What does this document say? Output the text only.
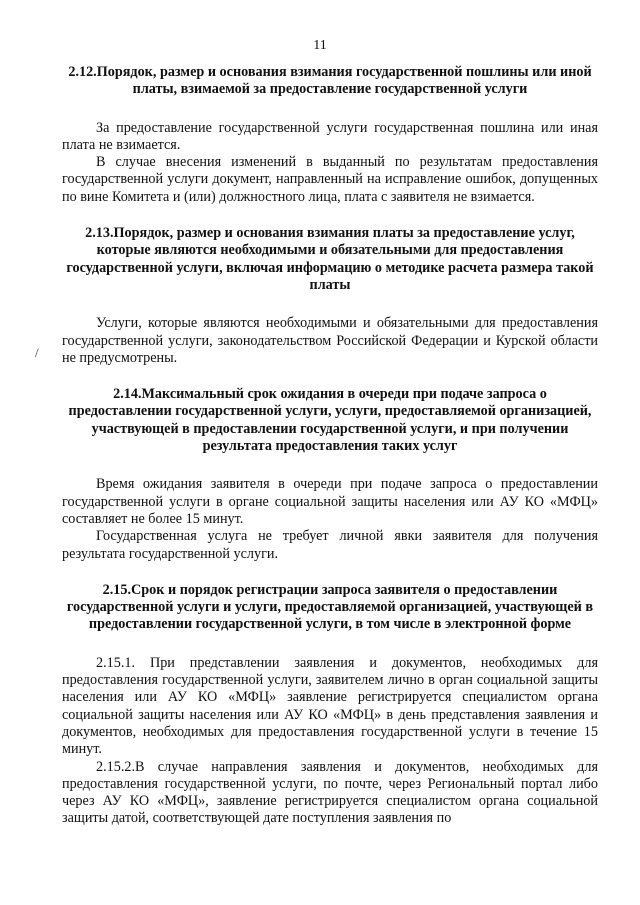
11
/

2.12.Порядок, размер и основания взимания государственной пошлины или иной платы, взимаемой за предоставление государственной услуги

За предоставление государственной услуги государственная пошлина или иная плата не взимается.

В случае внесения изменений в выданный по результатам предоставления государственной услуги документ, направленный на исправление ошибок, допущенных по вине Комитета и (или) должностного лица, плата с заявителя не взимается.

2.13.Порядок, размер и основания взимания платы за предоставление услуг, которые являются необходимыми и обязательными для предоставления государственной услуги, включая информацию о методике расчета размера такой платы

Услуги, которые являются необходимыми и обязательными для предоставления государственной услуги, законодательством Российской Федерации и Курской области не предусмотрены.

2.14.Максимальный срок ожидания в очереди при подаче запроса о предоставлении государственной услуги, услуги, предоставляемой организацией, участвующей в предоставлении государственной услуги, и при получении результата предоставления таких услуг

Время ожидания заявителя в очереди при подаче запроса о предоставлении государственной услуги в органе социальной защиты населения или АУ КО «МФЦ» составляет не более 15 минут.

Государственная услуга не требует личной явки заявителя для получения результата государственной услуги.

2.15.Срок и порядок регистрации запроса заявителя о предоставлении государственной услуги и услуги, предоставляемой организацией, участвующей в предоставлении государственной услуги, в том числе в электронной форме

2.15.1. При представлении заявления и документов, необходимых для предоставления государственной услуги, заявителем лично в орган социальной защиты населения или АУ КО «МФЦ» заявление регистрируется специалистом органа социальной защиты населения или АУ КО «МФЦ» в день представления заявления и документов, необходимых для предоставления государственной услуги в течение 15 минут.

2.15.2.В случае направления заявления и документов, необходимых для предоставления государственной услуги, по почте, через Региональный портал либо через АУ КО «МФЦ», заявление регистрируется специалистом органа социальной защиты датой, соответствующей дате поступления заявления по
